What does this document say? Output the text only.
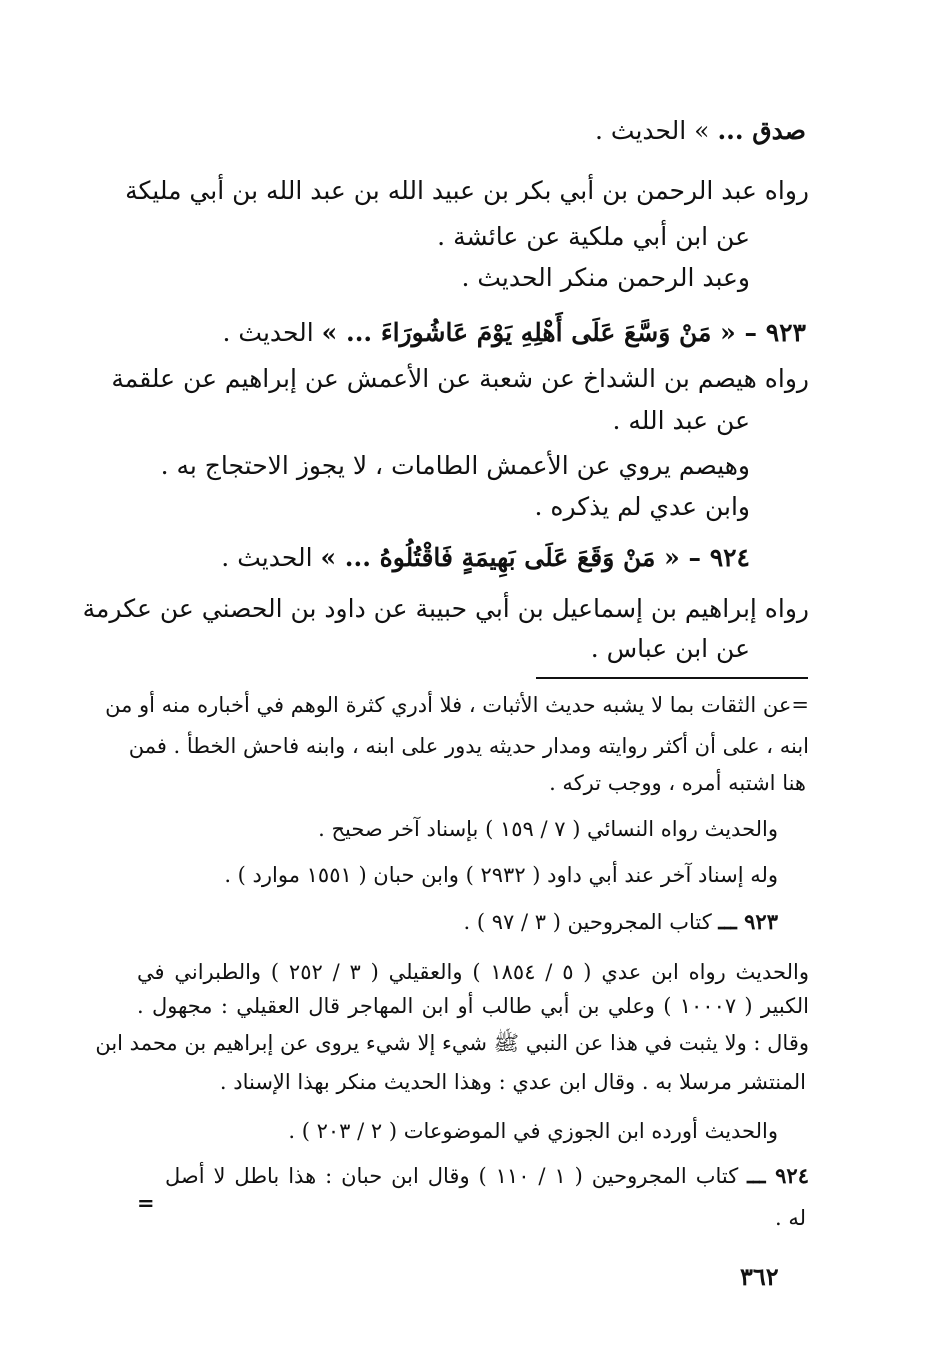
صدق ... » الحديث .
رواه عبد الرحمن بن أبي بكر بن عبيد الله بن عبد الله بن أبي مليكة
عن ابن أبي ملكية عن عائشة .
وعبد الرحمن منكر الحديث .
٩٢٣ – « مَنْ وَسَّعَ عَلَى أَهْلِهِ يَوْمَ عَاشُورَاءَ ... » الحديث .
رواه هيصم بن الشداخ عن شعبة عن الأعمش عن إبراهيم عن علقمة
عن عبد الله .
وهيصم يروي عن الأعمش الطامات ، لا يجوز الاحتجاج به .
وابن عدي لم يذكره .
٩٢٤ – « مَنْ وَقَعَ عَلَى بَهِيمَةٍ فَاقْتُلُوهُ ... » الحديث .
رواه إبراهيم بن إسماعيل بن أبي حبيبة عن داود بن الحصني عن عكرمة
عن ابن عباس .
=عن الثقات بما لا يشبه حديث الأثبات ، فلا أدري كثرة الوهم في أخباره منه أو من
ابنه ، على أن أكثر روايته ومدار حديثه يدور على ابنه ، وابنه فاحش الخطأ . فمن
هنا اشتبه أمره ، ووجب تركه .
والحديث رواه النسائي ( ٧ / ١٥٩ ) بإسناد آخر صحيح .
وله إسناد آخر عند أبي داود ( ٢٩٣٢ ) وابن حبان ( ١٥٥١ موارد ) .
٩٢٣ ـــ كتاب المجروحين ( ٣ / ٩٧ ) .
والحديث رواه ابن عدي ( ٥ / ١٨٥٤ ) والعقيلي ( ٣ / ٢٥٢ ) والطبراني في
الكبير ( ١٠٠٠٧ ) وعلي بن أبي طالب أو ابن المهاجر قال العقيلي : مجهول .
وقال : ولا يثبت في هذا عن النبي ﷺ شيء إلا شيء يروى عن إبراهيم بن محمد ابن
المنتشر مرسلا به . وقال ابن عدي : وهذا الحديث منكر بهذا الإسناد .
والحديث أورده ابن الجوزي في الموضوعات ( ٢ / ٢٠٣ ) .
٩٢٤ ـــ كتاب المجروحين ( ١ / ١١٠ ) وقال ابن حبان : هذا باطل لا أصل
=
له .
٣٦٢
